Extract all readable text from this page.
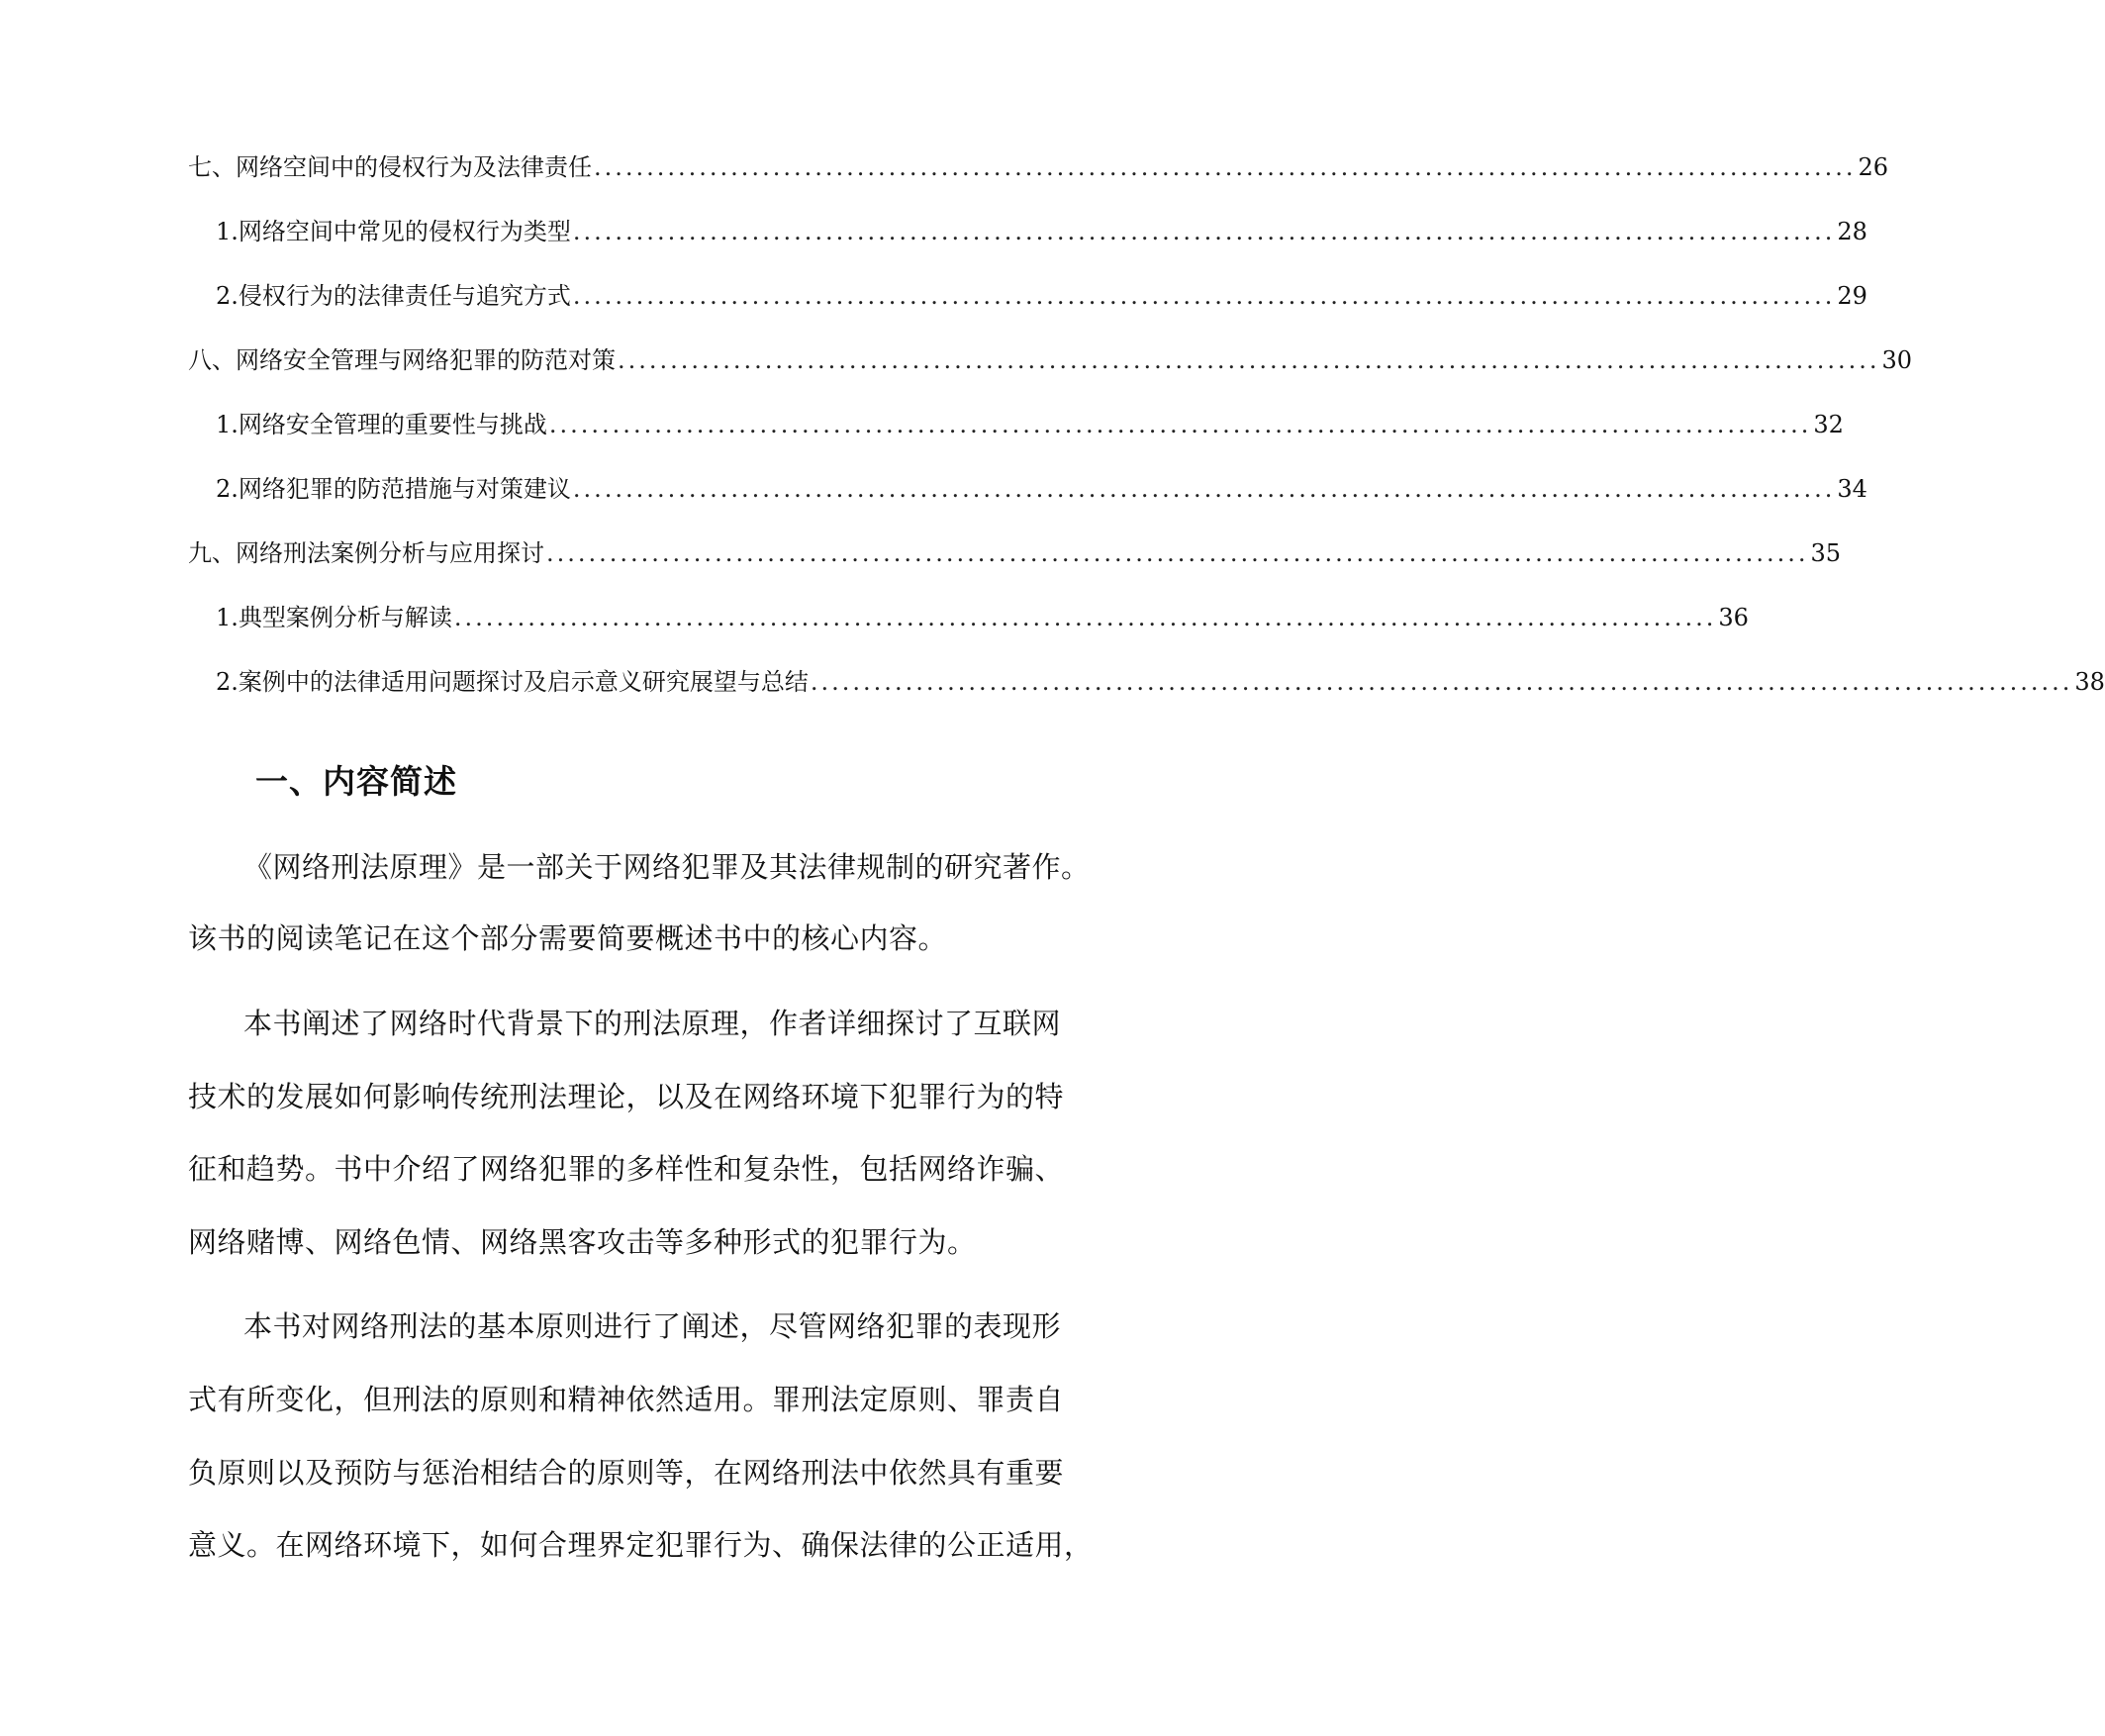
七、网络空间中的侵权行为及法律责任 ........................................................................................................................ 26
1. 网络空间中常见的侵权行为类型 ........................................................................................................................ 28
2. 侵权行为的法律责任与追究方式 ........................................................................................................................ 29
八、网络安全管理与网络犯罪的防范对策 ........................................................................................................................ 30
1. 网络安全管理的重要性与挑战 ........................................................................................................................ 32
2. 网络犯罪的防范措施与对策建议 ........................................................................................................................ 34
九、网络刑法案例分析与应用探讨 ........................................................................................................................ 35
1. 典型案例分析与解读 ........................................................................................................................ 36
2. 案例中的法律适用问题探讨及启示意义研究展望与总结 ........................................................................................................................ 38
一、内容简述
《网络刑法原理》是一部关于网络犯罪及其法律规制的研究著作。
该书的阅读笔记在这个部分需要简要概述书中的核心内容。
本书阐述了网络时代背景下的刑法原理，作者详细探讨了互联网
技术的发展如何影响传统刑法理论，以及在网络环境下犯罪行为的特
征和趋势。书中介绍了网络犯罪的多样性和复杂性，包括网络诈骗、
网络赌博、网络色情、网络黑客攻击等多种形式的犯罪行为。
本书对网络刑法的基本原则进行了阐述，尽管网络犯罪的表现形
式有所变化，但刑法的原则和精神依然适用。罪刑法定原则、罪责自
负原则以及预防与惩治相结合的原则等，在网络刑法中依然具有重要
意义。在网络环境下，如何合理界定犯罪行为、确保法律的公正适用，
